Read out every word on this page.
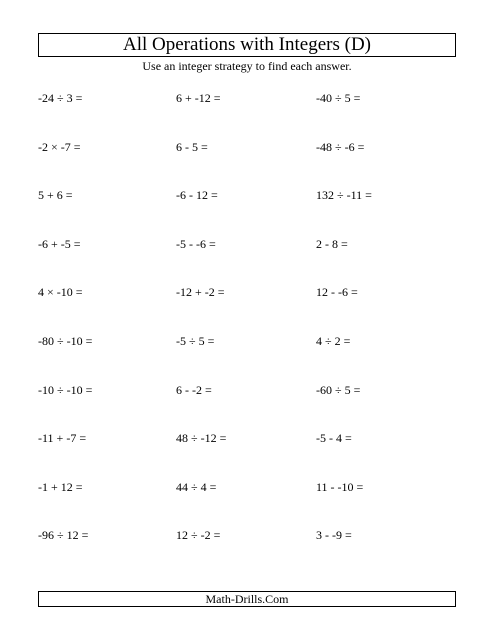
All Operations with Integers (D)
Use an integer strategy to find each answer.
-24 ÷ 3 =	6 + -12 =	-40 ÷ 5 =
-2 × -7 =	6 - 5 =	-48 ÷ -6 =
5 + 6 =	-6 - 12 =	132 ÷ -11 =
-6 + -5 =	-5 - -6 =	2 - 8 =
4 × -10 =	-12 + -2 =	12 - -6 =
-80 ÷ -10 =	-5 ÷ 5 =	4 ÷ 2 =
-10 ÷ -10 =	6 - -2 =	-60 ÷ 5 =
-11 + -7 =	48 ÷ -12 =	-5 - 4 =
-1 + 12 =	44 ÷ 4 =	11 - -10 =
-96 ÷ 12 =	12 ÷ -2 =	3 - -9 =
Math-Drills.Com
